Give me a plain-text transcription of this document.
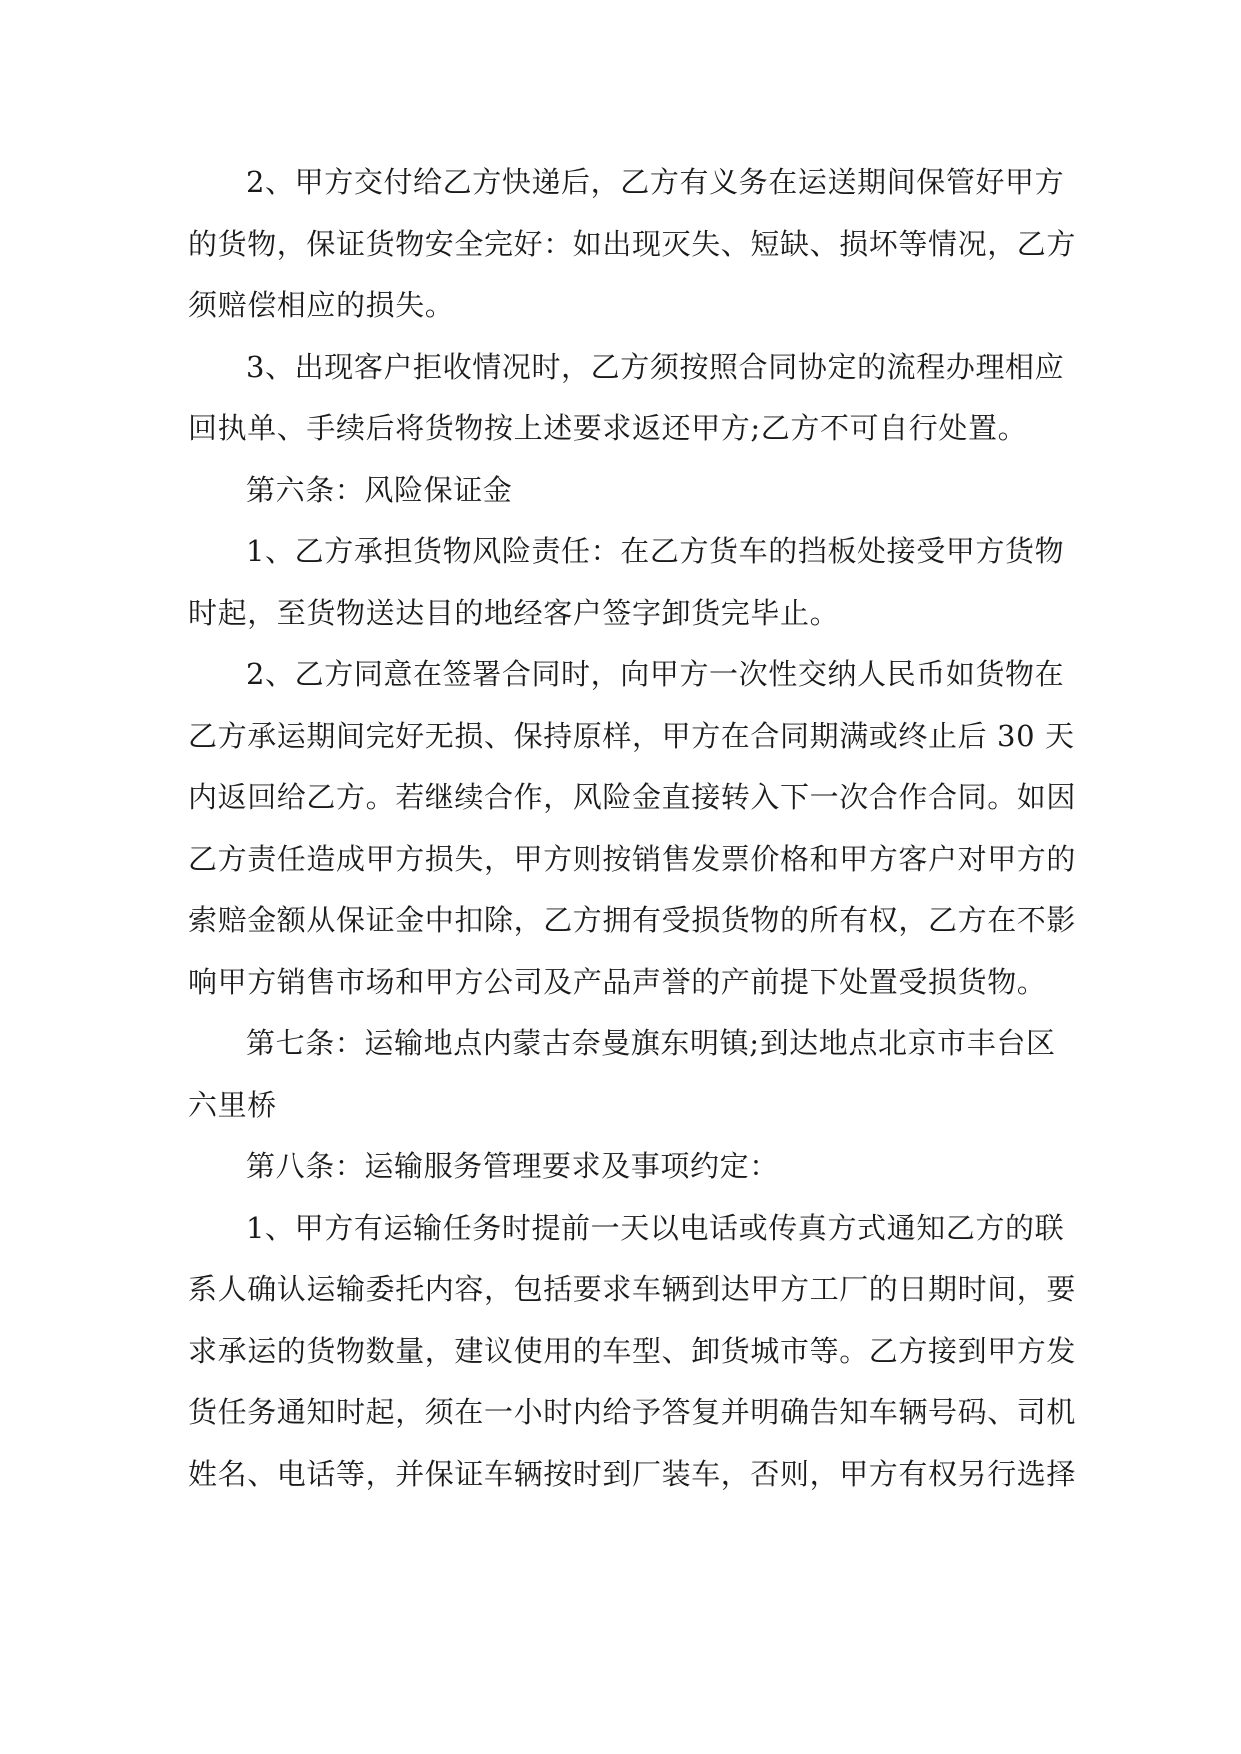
2、甲方交付给乙方快递后，乙方有义务在运送期间保管好甲方
的货物，保证货物安全完好：如出现灭失、短缺、损坏等情况，乙方
须赔偿相应的损失。

3、出现客户拒收情况时，乙方须按照合同协定的流程办理相应
回执单、手续后将货物按上述要求返还甲方;乙方不可自行处置。

第六条：风险保证金

1、乙方承担货物风险责任：在乙方货车的挡板处接受甲方货物
时起，至货物送达目的地经客户签字卸货完毕止。

2、乙方同意在签署合同时，向甲方一次性交纳人民币如货物在
乙方承运期间完好无损、保持原样，甲方在合同期满或终止后 30 天
内返回给乙方。若继续合作，风险金直接转入下一次合作合同。如因
乙方责任造成甲方损失，甲方则按销售发票价格和甲方客户对甲方的
索赔金额从保证金中扣除，乙方拥有受损货物的所有权，乙方在不影
响甲方销售市场和甲方公司及产品声誉的产前提下处置受损货物。

第七条：运输地点内蒙古奈曼旗东明镇;到达地点北京市丰台区
六里桥

第八条：运输服务管理要求及事项约定：

1、甲方有运输任务时提前一天以电话或传真方式通知乙方的联
系人确认运输委托内容，包括要求车辆到达甲方工厂的日期时间，要
求承运的货物数量，建议使用的车型、卸货城市等。乙方接到甲方发
货任务通知时起，须在一小时内给予答复并明确告知车辆号码、司机
姓名、电话等，并保证车辆按时到厂装车，否则，甲方有权另行选择
